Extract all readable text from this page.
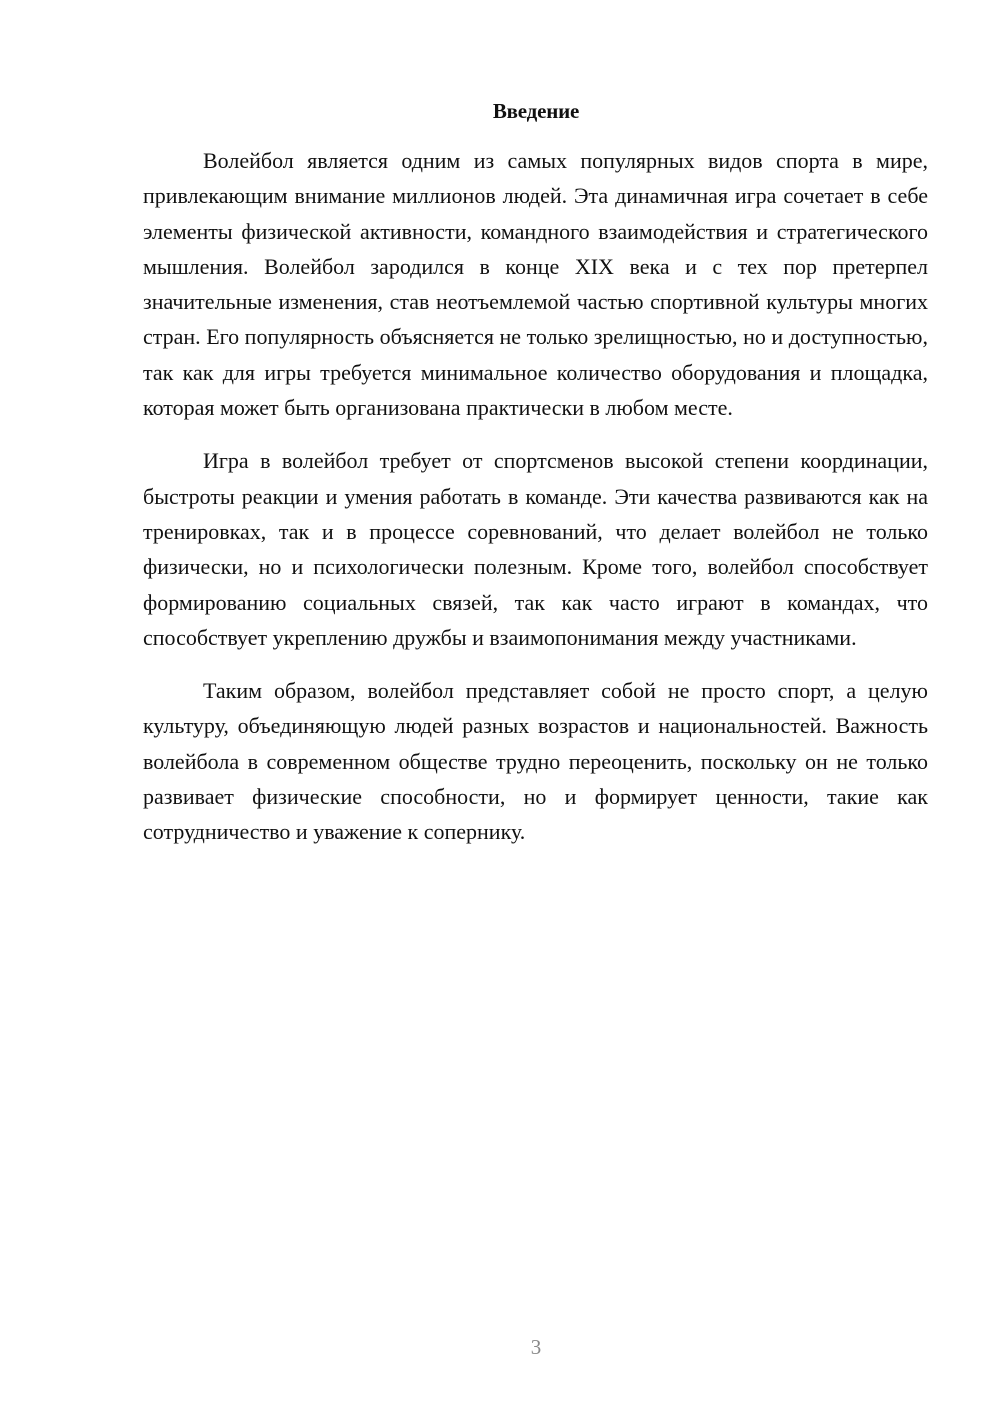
Введение

Волейбол является одним из самых популярных видов спорта в мире, привлекающим внимание миллионов людей. Эта динамичная игра сочетает в себе элементы физической активности, командного взаимодействия и стратегического мышления. Волейбол зародился в конце XIX века и с тех пор претерпел значительные изменения, став неотъемлемой частью спортивной культуры многих стран. Его популярность объясняется не только зрелищностью, но и доступностью, так как для игры требуется минимальное количество оборудования и площадка, которая может быть организована практически в любом месте.

Игра в волейбол требует от спортсменов высокой степени координации, быстроты реакции и умения работать в команде. Эти качества развиваются как на тренировках, так и в процессе соревнований, что делает волейбол не только физически, но и психологически полезным. Кроме того, волейбол способствует формированию социальных связей, так как часто играют в командах, что способствует укреплению дружбы и взаимопонимания между участниками.

Таким образом, волейбол представляет собой не просто спорт, а целую культуру, объединяющую людей разных возрастов и национальностей. Важность волейбола в современном обществе трудно переоценить, поскольку он не только развивает физические способности, но и формирует ценности, такие как сотрудничество и уважение к сопернику.

3
